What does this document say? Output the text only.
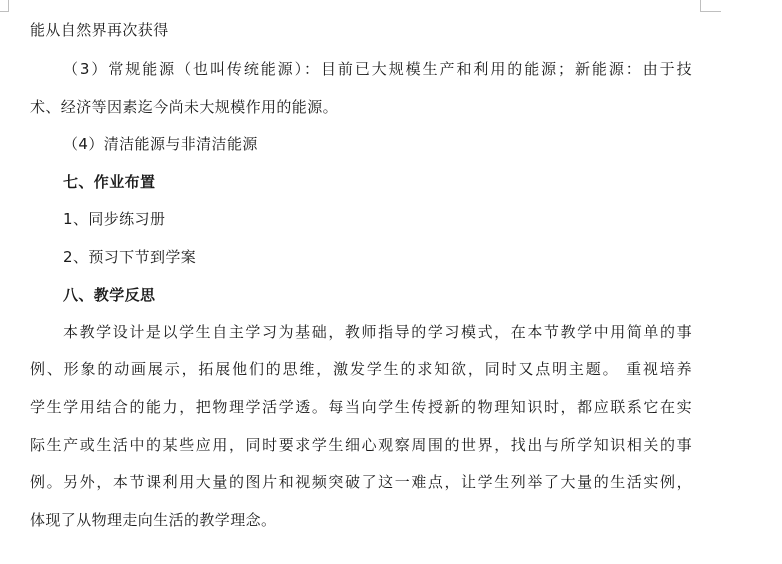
能从自然界再次获得
（3）常规能源（也叫传统能源）：目前已大规模生产和利用的能源；新能源：由于技
术、经济等因素迄今尚未大规模作用的能源。
（4）清洁能源与非清洁能源
七、作业布置
1、同步练习册
2、预习下节到学案
八、教学反思
本教学设计是以学生自主学习为基础，教师指导的学习模式，在本节教学中用简单的事
例、形象的动画展示，拓展他们的思维，激发学生的求知欲，同时又点明主题。 重视培养
学生学用结合的能力，把物理学活学透。每当向学生传授新的物理知识时，都应联系它在实
际生产或生活中的某些应用，同时要求学生细心观察周围的世界，找出与所学知识相关的事
例。另外，本节课利用大量的图片和视频突破了这一难点，让学生列举了大量的生活实例，
体现了从物理走向生活的教学理念。
